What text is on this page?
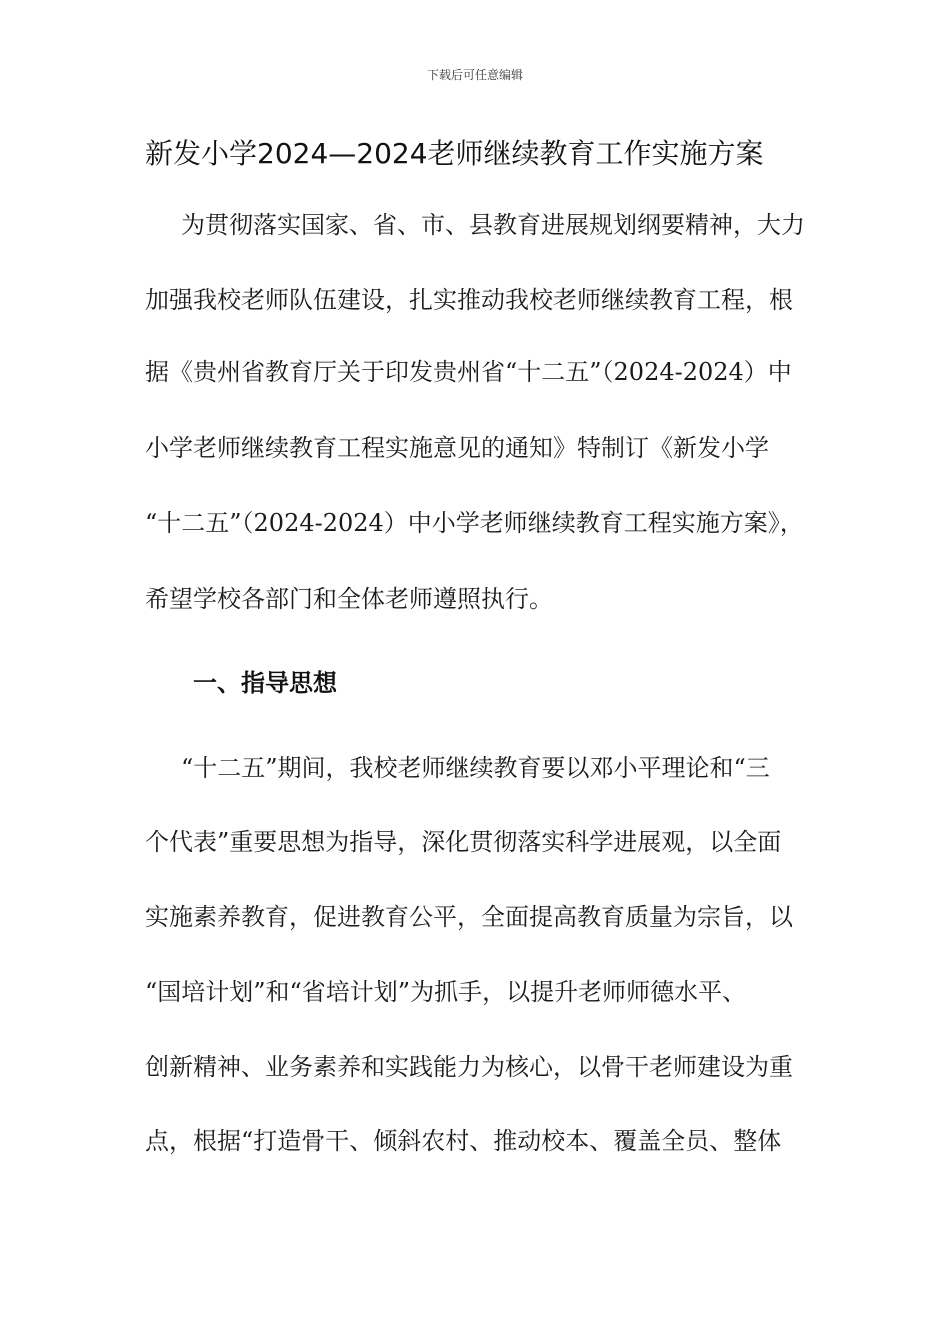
下载后可任意编辑
新发小学2024—2024老师继续教育工作实施方案
为贯彻落实国家、省、市、县教育进展规划纲要精神，大力
加强我校老师队伍建设，扎实推动我校老师继续教育工程，根
据《贵州省教育厅关于印发贵州省“十二五”（2024-2024）中
小学老师继续教育工程实施意见的通知》特制订《新发小学
“十二五”（2024-2024）中小学老师继续教育工程实施方案》，
希望学校各部门和全体老师遵照执行。
一、指导思想
“十二五”期间，我校老师继续教育要以邓小平理论和“三
个代表”重要思想为指导，深化贯彻落实科学进展观，以全面
实施素养教育，促进教育公平，全面提高教育质量为宗旨，以
“国培计划”和“省培计划”为抓手，以提升老师师德水平、
创新精神、业务素养和实践能力为核心，以骨干老师建设为重
点，根据“打造骨干、倾斜农村、推动校本、覆盖全员、整体
